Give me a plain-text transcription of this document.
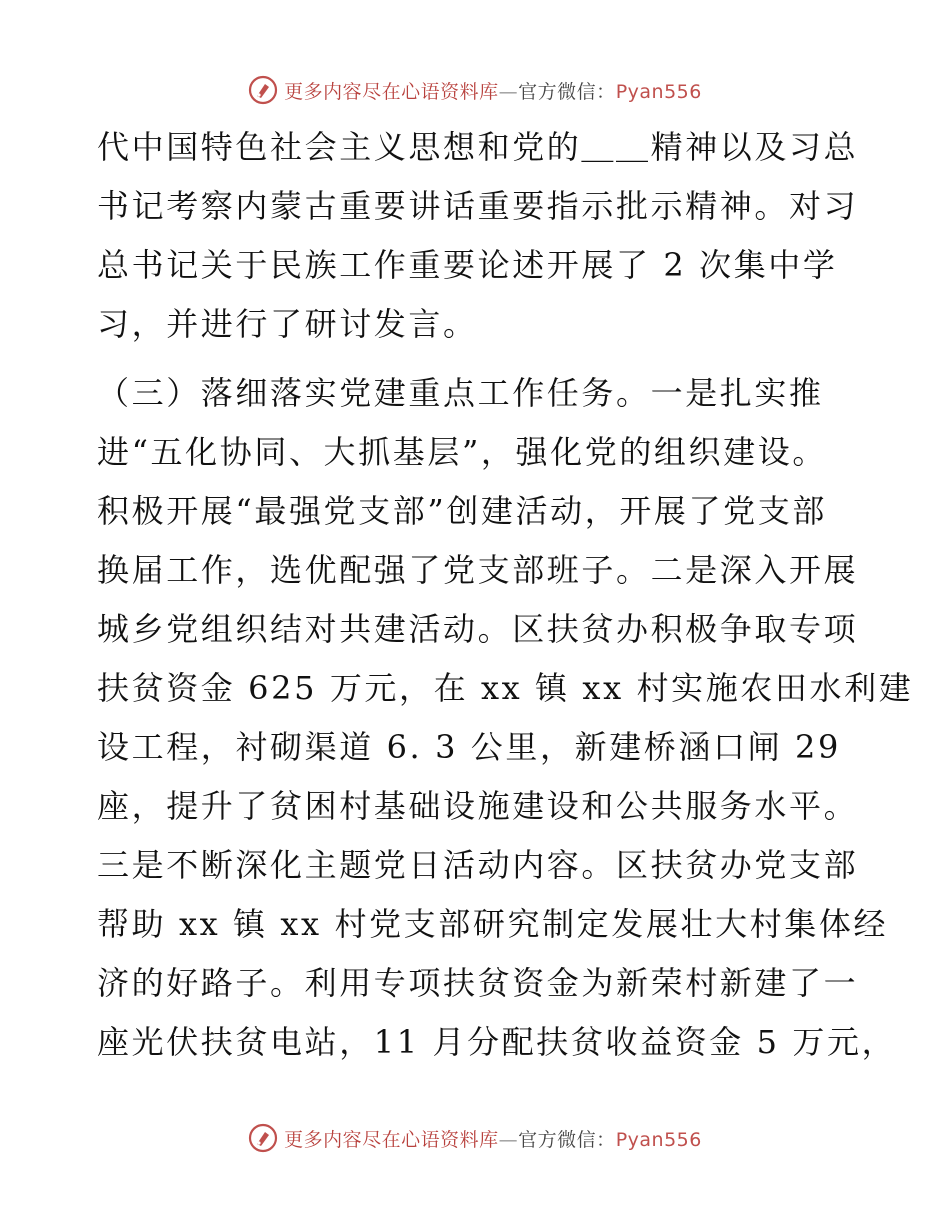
更多内容尽在心语资料库—官方微信：Pyan556
代中国特色社会主义思想和党的＿＿精神以及习总
书记考察内蒙古重要讲话重要指示批示精神。对习
总书记关于民族工作重要论述开展了 2 次集中学
习，并进行了研讨发言。
（三）落细落实党建重点工作任务。一是扎实推
进“五化协同、大抓基层”，强化党的组织建设。
积极开展“最强党支部”创建活动，开展了党支部
换届工作，选优配强了党支部班子。二是深入开展
城乡党组织结对共建活动。区扶贫办积极争取专项
扶贫资金 625 万元，在 xx 镇 xx 村实施农田水利建
设工程，衬砌渠道 6. 3 公里，新建桥涵口闸 29
座，提升了贫困村基础设施建设和公共服务水平。
三是不断深化主题党日活动内容。区扶贫办党支部
帮助 xx 镇 xx 村党支部研究制定发展壮大村集体经
济的好路子。利用专项扶贫资金为新荣村新建了一
座光伏扶贫电站，11 月分配扶贫收益资金 5 万元，
更多内容尽在心语资料库—官方微信：Pyan556
